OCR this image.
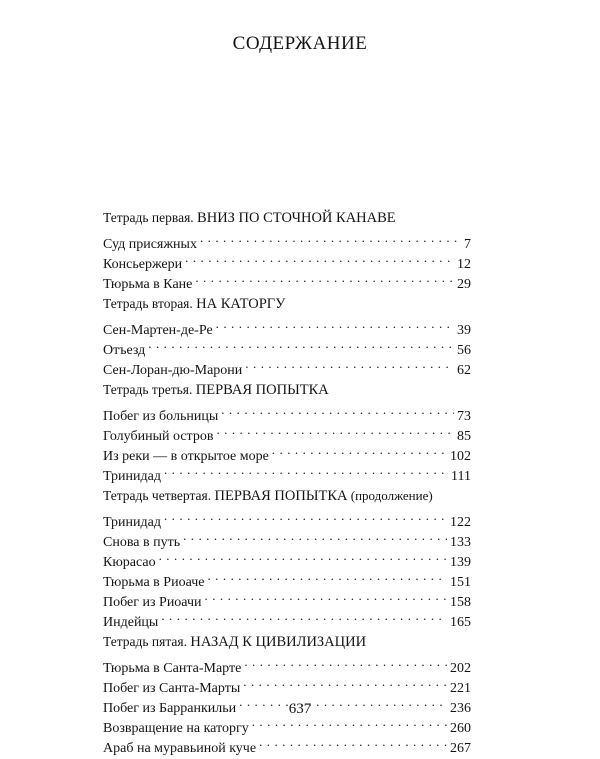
СОДЕРЖАНИЕ
Тетрадь первая. ВНИЗ ПО СТОЧНОЙ КАНАВЕ
Суд присяжных . . .	7
Консьержери . . .	12
Тюрьма в Кане . . .	29
Тетрадь вторая. НА КАТОРГУ
Сен-Мартен-де-Ре . . .	39
Отъезд . . .	56
Сен-Лоран-дю-Марони . . .	62
Тетрадь третья. ПЕРВАЯ ПОПЫТКА
Побег из больницы . . .	73
Голубиный остров . . .	85
Из реки — в открытое море . . .	102
Тринидад . . .	111
Тетрадь четвертая. ПЕРВАЯ ПОПЫТКА (продолжение)
Тринидад . . .	122
Снова в путь . . .	133
Кюрасао . . .	139
Тюрьма в Риоаче . . .	151
Побег из Риоачи . . .	158
Индейцы . . .	165
Тетрадь пятая. НАЗАД К ЦИВИЛИЗАЦИИ
Тюрьма в Санта-Марте . . .	202
Побег из Санта-Марты . . .	221
Побег из Барранкильи . . .	236
Возвращение на каторгу . . .	260
Араб на муравьиной куче . . .	267
637
